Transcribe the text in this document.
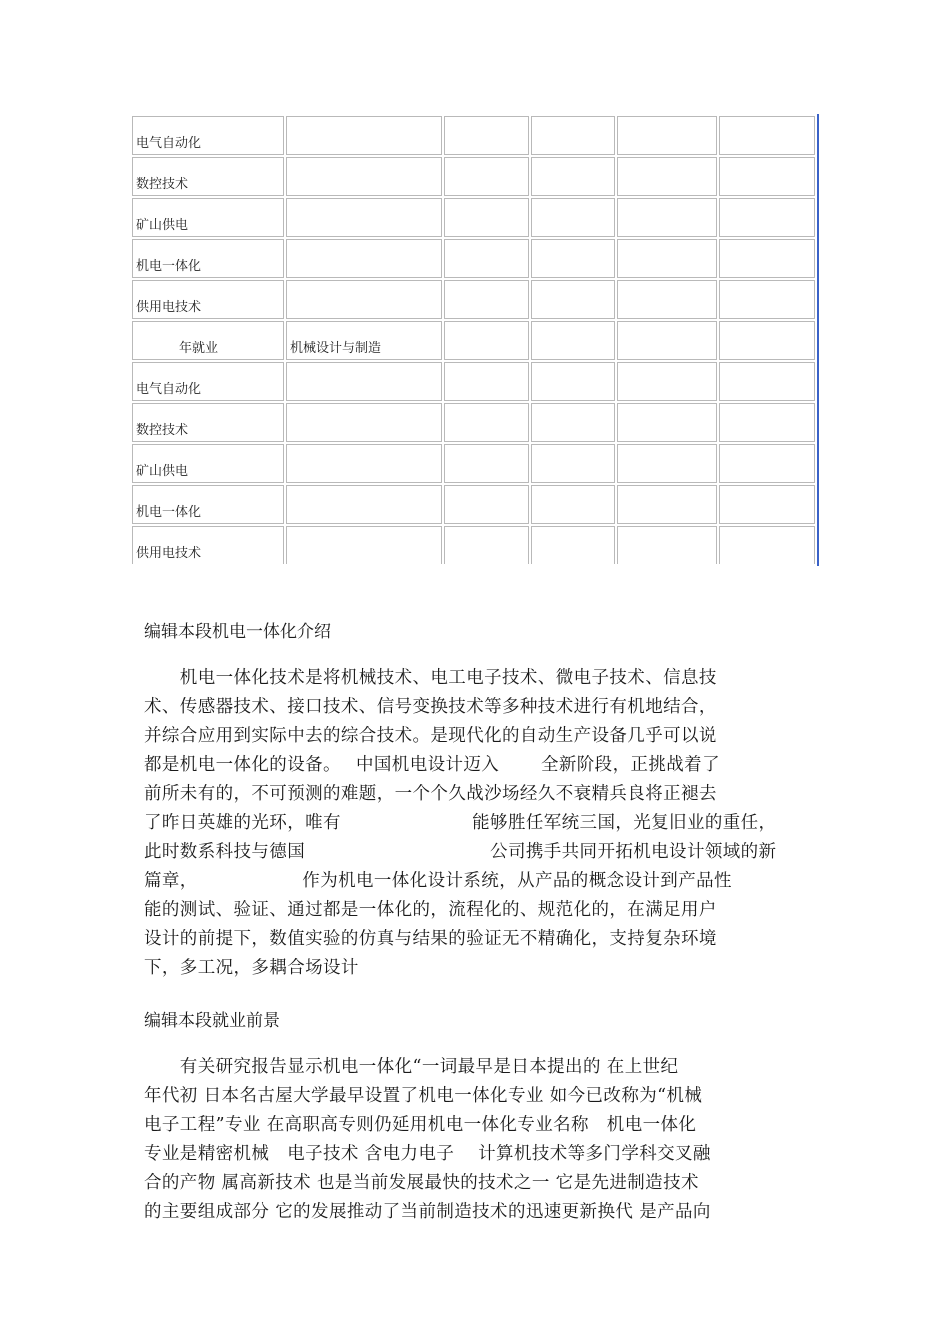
电气自动化					

数控技术					

矿山供电					

机电一体化					

供用电技术					

年就业	机械设计与制造				

电气自动化					

数控技术					

矿山供电					

机电一体化					

供用电技术					

编辑本段机电一体化介绍
　　机电一体化技术是将机械技术、电工电子技术、微电子技术、信息技
术、传感器技术、接口技术、信号变换技术等多种技术进行有机地结合，
并综合应用到实际中去的综合技术。是现代化的自动生产设备几乎可以说
都是机电一体化的设备。　 中国机电设计迈入　　 全新阶段，正挑战着了
前所未有的，不可预测的难题，一个个久战沙场经久不衰精兵良将正褪去
了昨日英雄的光环，唯有　　　　　　　 能够胜任军统三国，光复旧业的重任，
此时数系科技与德国　　　　　　　　　　 公司携手共同开拓机电设计领域的新
篇章，　　　　　　 作为机电一体化设计系统，从产品的概念设计到产品性
能的测试、验证、通过都是一体化的，流程化的、规范化的，在满足用户
设计的前提下，数值实验的仿真与结果的验证无不精确化，支持复杂环境
下，多工况，多耦合场设计
编辑本段就业前景
　　有关研究报告显示机电一体化“一词最早是日本提出的 在上世纪
年代初 日本名古屋大学最早设置了机电一体化专业 如今已改称为“机械
电子工程”专业 在高职高专则仍延用机电一体化专业名称　机电一体化
专业是精密机械　电子技术 含电力电子　 计算机技术等多门学科交叉融
合的产物 属高新技术 也是当前发展最快的技术之一 它是先进制造技术
的主要组成部分 它的发展推动了当前制造技术的迅速更新换代 是产品向
